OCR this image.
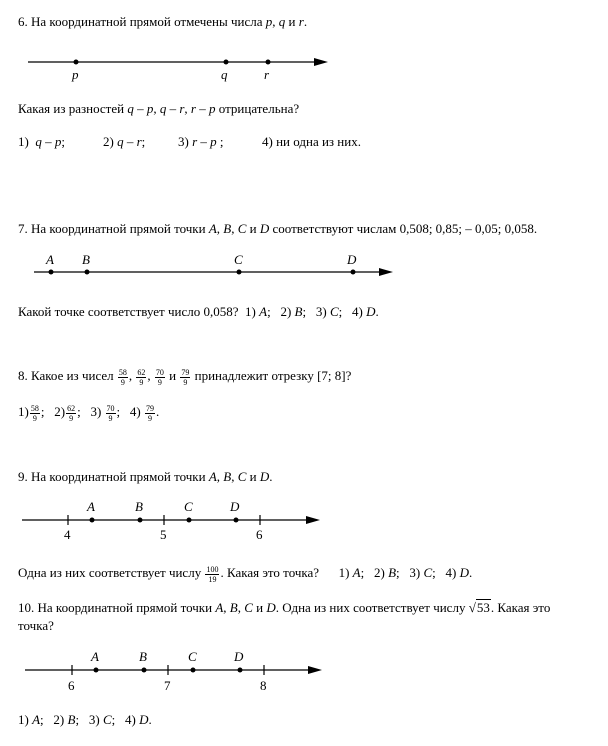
6. На координатной прямой отмечены числа p, q и r.
p	q	r
Какая из разностей q – p, q – r, r – p отрицательна?
1) q – p;	2) q – r;	3) r – p ;	4) ни одна из них.
7. На координатной прямой точки A, B, C и D соответствуют числам 0,508; 0,85; – 0,05; 0,058.
A B	C	D
Какой точке соответствует число 0,058? 1) A; 2) B; 3) C; 4) D.
8. Какое из чисел $\frac{58}{9}$ , $\frac{62}{9}$ , $\frac{70}{9}$ и $\frac{79}{9}$ принадлежит отрезку [7; 8]?
$1) \frac{58}{9}$ ; $2) \frac{62}{9}$ ; $3) \frac{70}{9}$ ; $4) \frac{79}{9}$ .
9. На координатной прямой точки A, B, C и D.
A	B	C	D
4	5	6
Одна из них соответствует числу $\frac{100}{19}$ . Какая это точка? 1) A; 2) B; 3) C; 4) D.
10. На координатной прямой точки A, B, C и D. Одна из них соответствует числу √53. Какая это
точка?
A	B	C	D
6	7	8
1) A; 2) B; 3) C; 4) D.
